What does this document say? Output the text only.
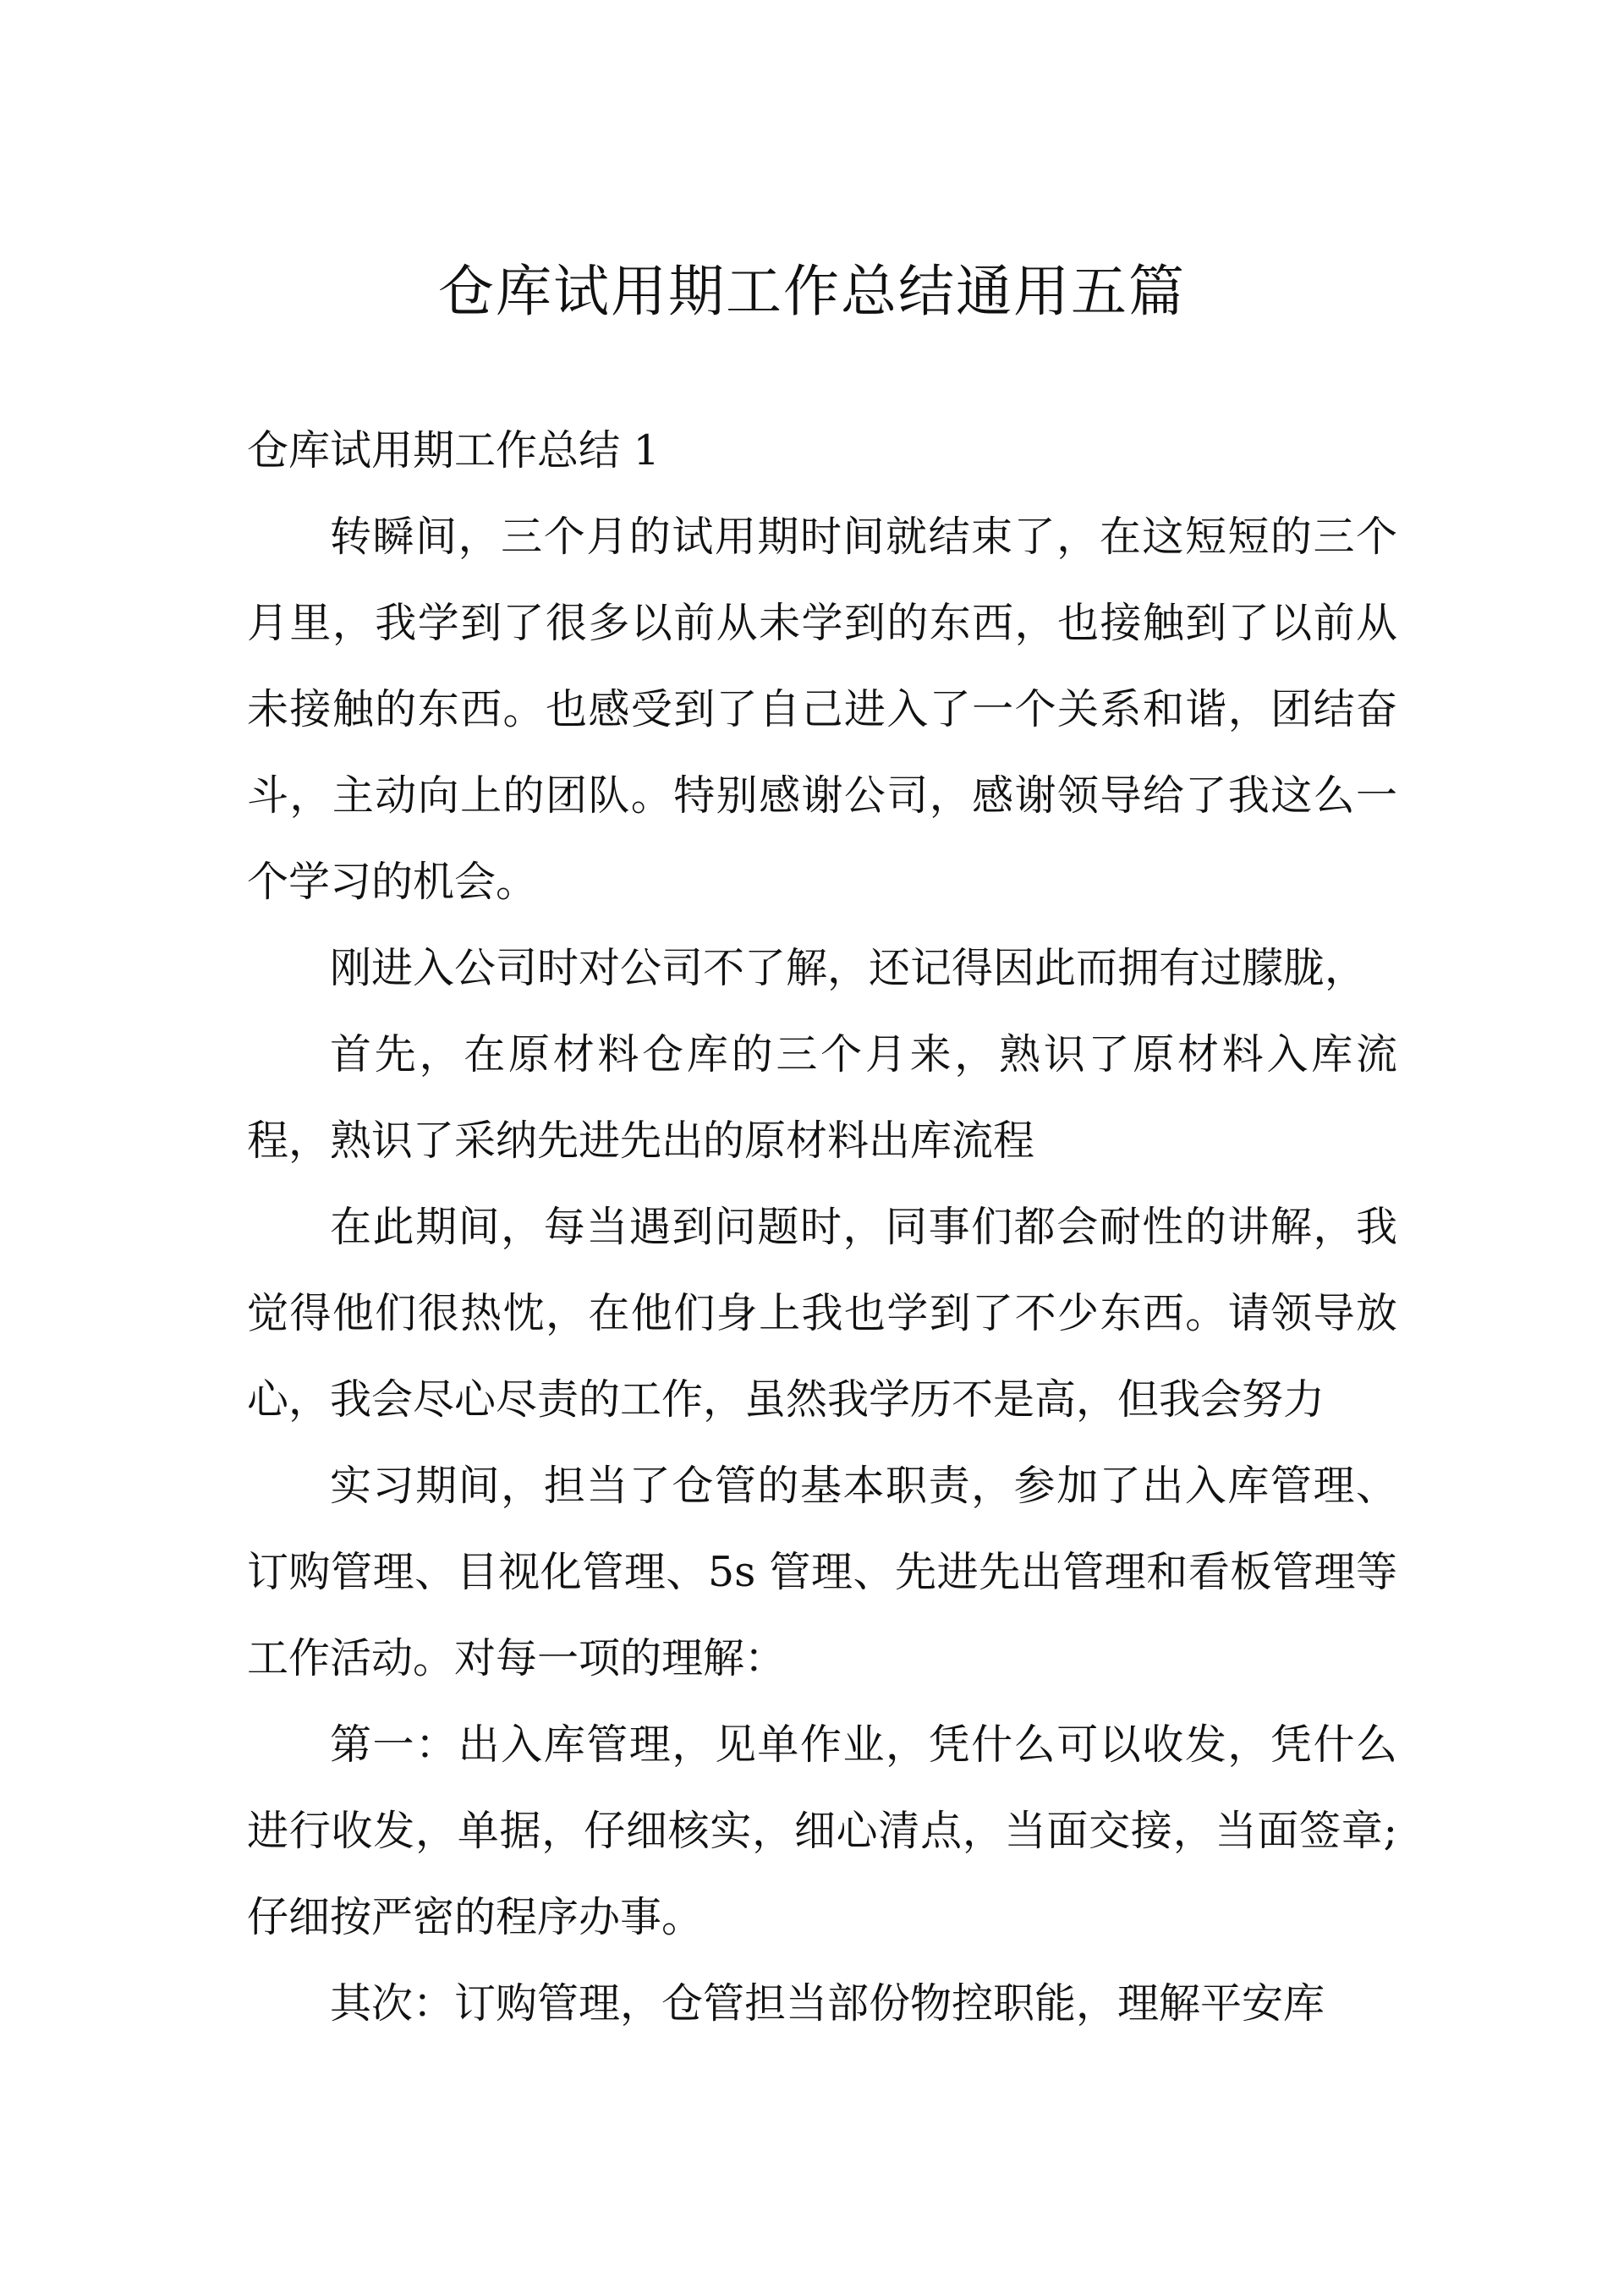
仓库试用期工作总结通用五篇

仓库试用期工作总结 1

转瞬间，三个月的试用期时间就结束了，在这短短的三个月里，我学到了很多以前从未学到的东西，也接触到了以前从未接触的东西。也感受到了自己进入了一个关系和谐，团结奋斗，主动向上的团队。特别感谢公司，感谢领导给了我这么一个学习的机会。

刚进入公司时对公司不了解，还记得因此而拥有过朦胧，

首先，在原材料仓库的三个月来，熟识了原材料入库流程，熟识了采纳先进先出的原材料出库流程

在此期间，每当遇到问题时，同事们都会耐性的讲解，我觉得他们很热忱，在他们身上我也学到了不少东西。请领导放心，我会尽心尽责的工作，虽然我学历不是高，但我会努力

实习期间，担当了仓管的基本职责，参加了出入库管理、订购管理、目视化管理、5s 管理、先进先出管理和看板管理等工作活动。对每一项的理解：

第一：出入库管理，见单作业，凭什么可以收发，凭什么进行收发，单据，仔细核实，细心清点，当面交接，当面签章;仔细按严密的程序办事。

其次：订购管理，仓管担当部份物控职能，理解平安库
